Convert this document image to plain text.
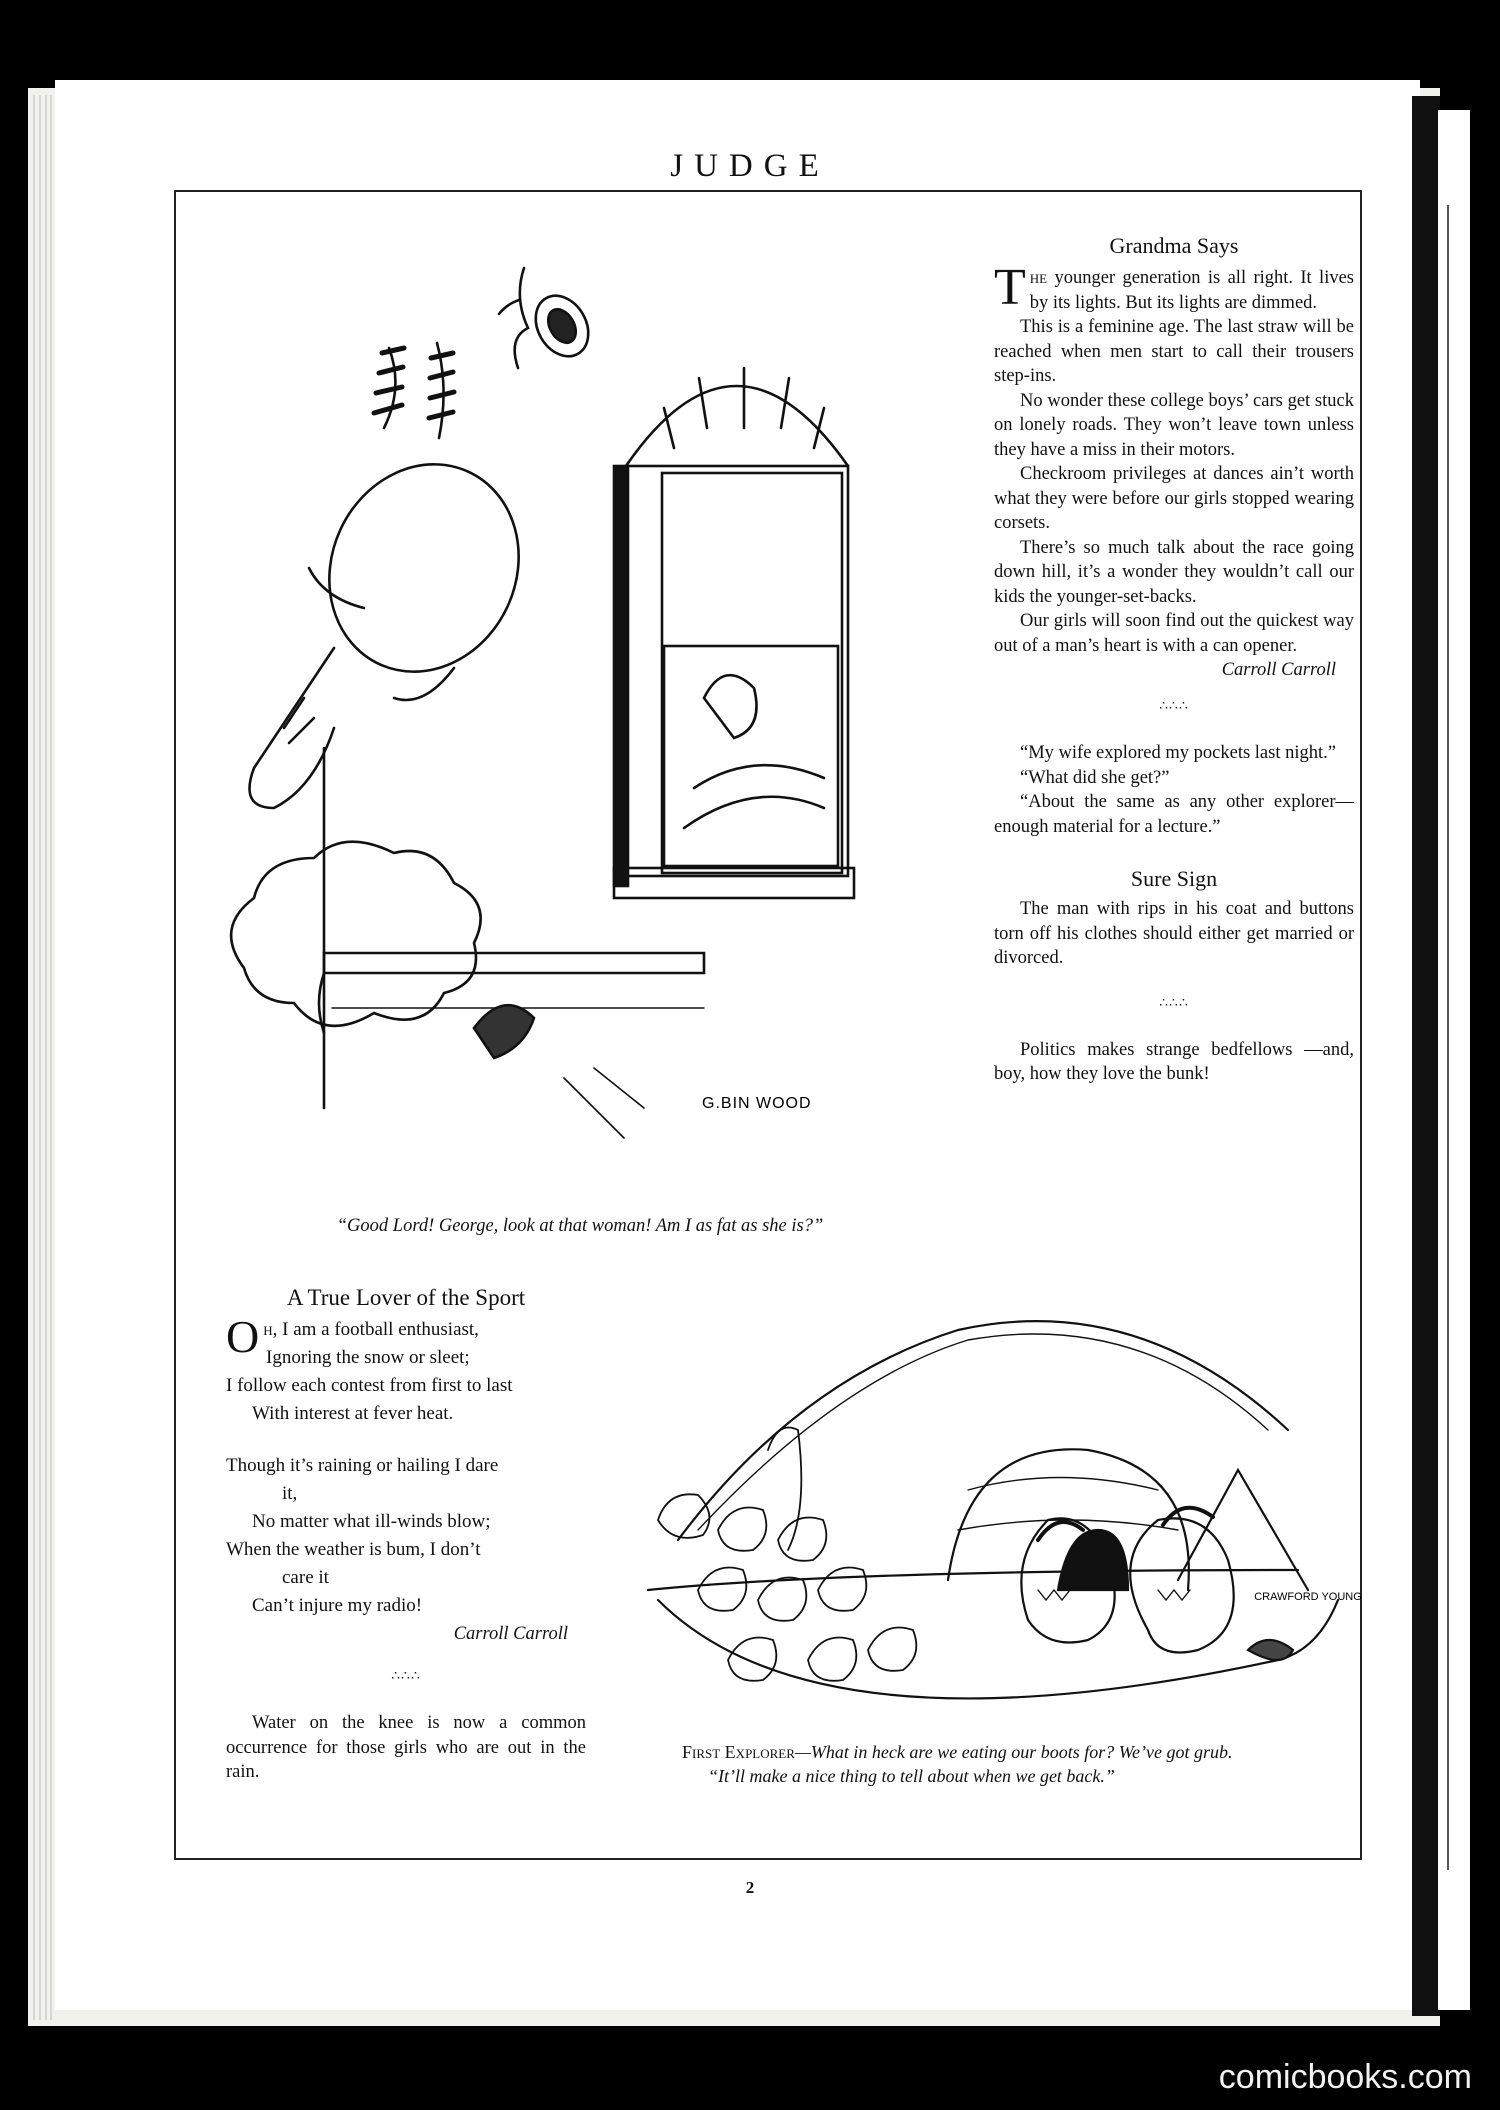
JUDGE
G.BIN WOOD
“Good Lord! George, look at that woman! Am I as fat as she is?”
Grandma Says

The younger generation is all right. It lives by its lights. But its lights are dimmed.

This is a feminine age. The last straw will be reached when men start to call their trousers step-ins.

No wonder these college boys’ cars get stuck on lonely roads. They won’t leave town unless they have a miss in their motors.

Checkroom privileges at dances ain’t worth what they were before our girls stopped wearing corsets.

There’s so much talk about the race going down hill, it’s a wonder they wouldn’t call our kids the younger-set-backs.

Our girls will soon find out the quickest way out of a man’s heart is with a can opener.

Carroll Carroll
∴∴∴

“My wife explored my pockets last night.”

“What did she get?”

“About the same as any other explorer—enough material for a lecture.”

Sure Sign

The man with rips in his coat and buttons torn off his clothes should either get married or divorced.

∴∴∴

Politics makes strange bedfellows —and, boy, how they love the bunk!

A True Lover of the Sport
Oh, I am a football enthusiast,
Ignoring the snow or sleet;
I follow each contest from first to last
With interest at fever heat.
Though it’s raining or hailing I dare
it,
No matter what ill-winds blow;
When the weather is bum, I don’t
care it
Can’t injure my radio!
Carroll Carroll
∴∴∴

Water on the knee is now a common occurrence for those girls who are out in the rain.

CRAWFORD YOUNG
First Explorer—What in heck are we eating our boots for? We’ve got grub.
“It’ll make a nice thing to tell about when we get back.”
2
comicbooks.com
